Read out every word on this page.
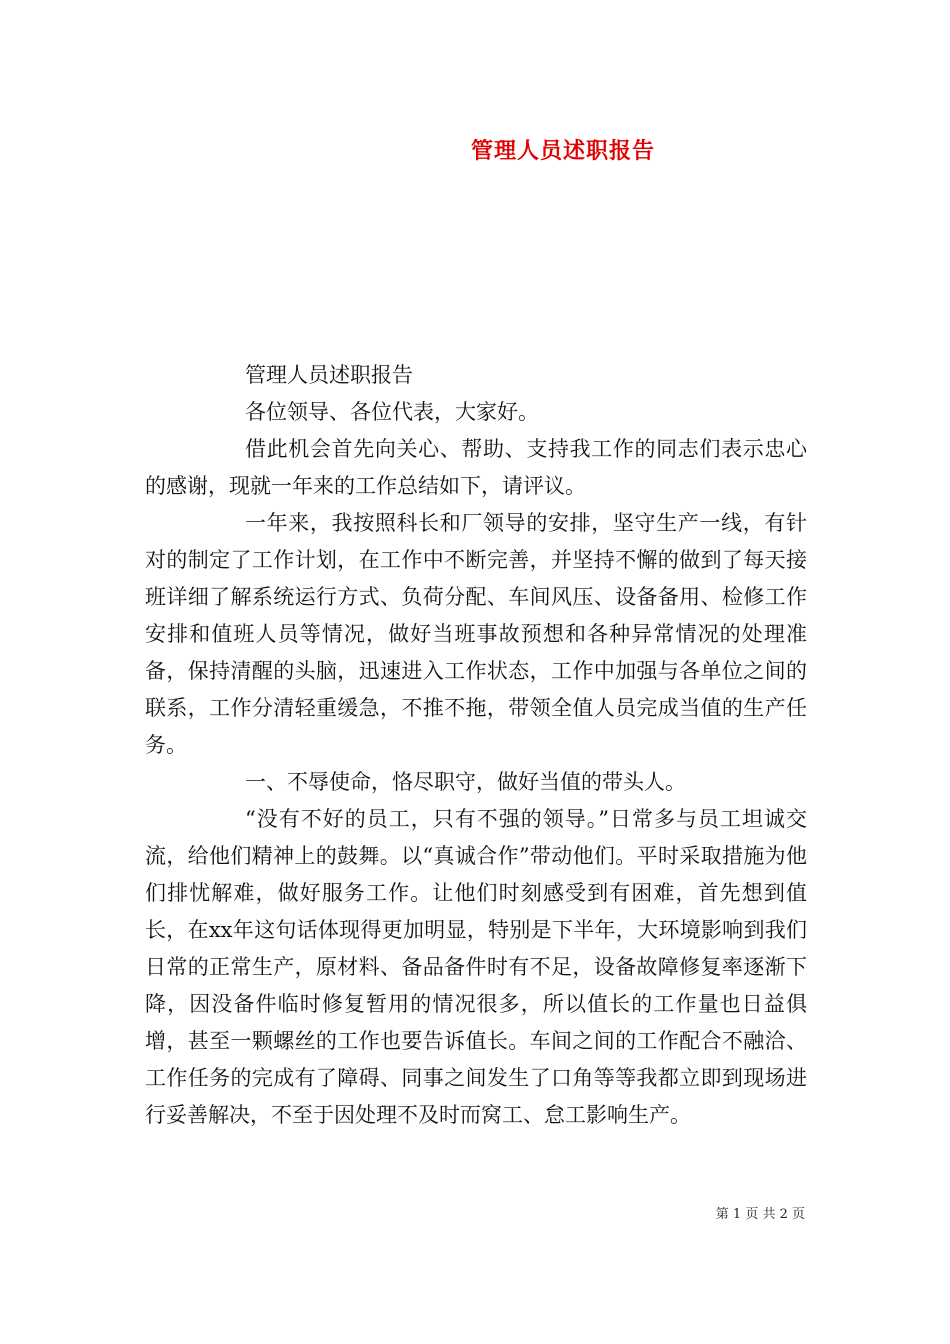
管理人员述职报告

管理人员述职报告

各位领导、各位代表，大家好。

借此机会首先向关心、帮助、支持我工作的同志们表示忠心的感谢，现就一年来的工作总结如下，请评议。

一年来，我按照科长和厂领导的安排，坚守生产一线，有针对的制定了工作计划，在工作中不断完善，并坚持不懈的做到了每天接班详细了解系统运行方式、负荷分配、车间风压、设备备用、检修工作安排和值班人员等情况，做好当班事故预想和各种异常情况的处理准备，保持清醒的头脑，迅速进入工作状态，工作中加强与各单位之间的联系，工作分清轻重缓急，不推不拖，带领全值人员完成当值的生产任务。

一、不辱使命，恪尽职守，做好当值的带头人。

“没有不好的员工，只有不强的领导。”日常多与员工坦诚交流，给他们精神上的鼓舞。以“真诚合作”带动他们。平时采取措施为他们排忧解难，做好服务工作。让他们时刻感受到有困难，首先想到值长，在xx年这句话体现得更加明显，特别是下半年，大环境影响到我们日常的正常生产，原材料、备品备件时有不足，设备故障修复率逐渐下降，因没备件临时修复暂用的情况很多，所以值长的工作量也日益俱增，甚至一颗螺丝的工作也要告诉值长。车间之间的工作配合不融洽、工作任务的完成有了障碍、同事之间发生了口角等等我都立即到现场进行妥善解决，不至于因处理不及时而窝工、怠工影响生产。

第 1 页 共 2 页
